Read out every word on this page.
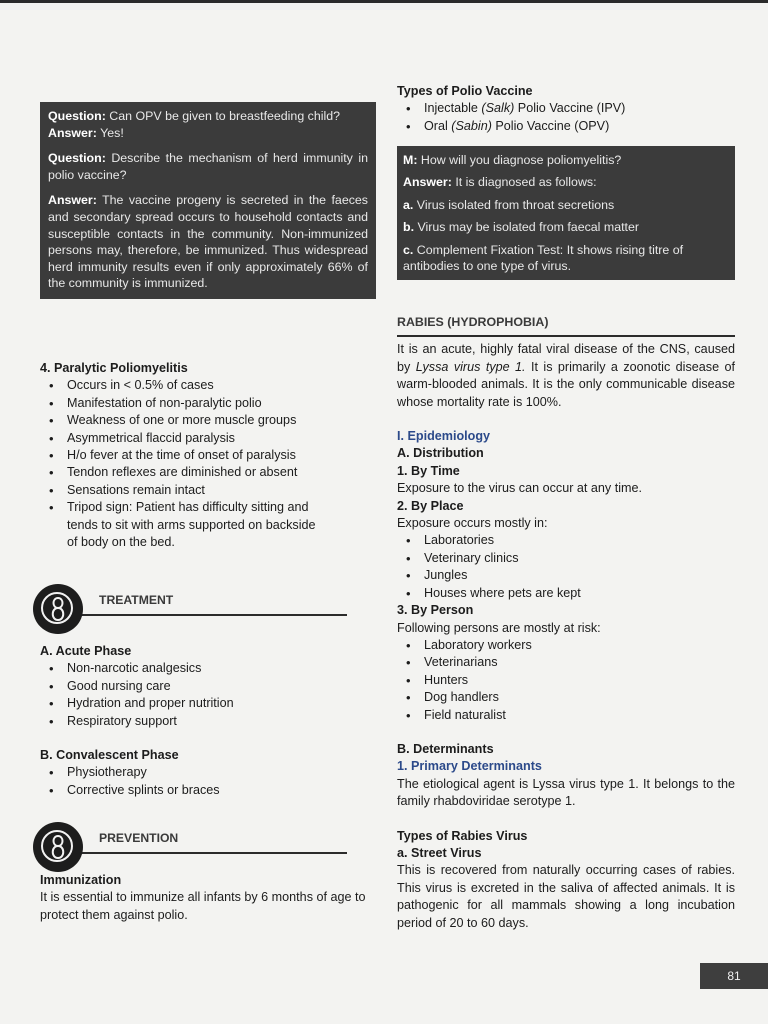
Question: Can OPV be given to breastfeeding child?
Answer: Yes!

Question: Describe the mechanism of herd immunity in polio vaccine?

Answer: The vaccine progeny is secreted in the faeces and secondary spread occurs to household contacts and susceptible contacts in the community. Non-immunized persons may, therefore, be immunized. Thus widespread herd immunity results even if only approximately 66% of the community is immunized.

4. Paralytic Poliomyelitis
• Occurs in < 0.5% of cases
• Manifestation of non-paralytic polio
• Weakness of one or more muscle groups
• Asymmetrical flaccid paralysis
• H/o fever at the time of onset of paralysis
• Tendon reflexes are diminished or absent
• Sensations remain intact
• Tripod sign: Patient has difficulty sitting and tends to sit with arms supported on backside of body on the bed.
TREATMENT
A. Acute Phase
• Non-narcotic analgesics
• Good nursing care
• Hydration and proper nutrition
• Respiratory support
B. Convalescent Phase
• Physiotherapy
• Corrective splints or braces
PREVENTION
Immunization

It is essential to immunize all infants by 6 months of age to protect them against polio.

Types of Polio Vaccine
• Injectable (Salk) Polio Vaccine (IPV)
• Oral (Sabin) Polio Vaccine (OPV)

M: How will you diagnose poliomyelitis?

Answer: It is diagnosed as follows:

a. Virus isolated from throat secretions

b. Virus may be isolated from faecal matter

c. Complement Fixation Test: It shows rising titre of antibodies to one type of virus.

RABIES (HYDROPHOBIA)

It is an acute, highly fatal viral disease of the CNS, caused by Lyssa virus type 1. It is primarily a zoonotic disease of warm-blooded animals. It is the only communicable disease whose mortality rate is 100%.

I. Epidemiology
A. Distribution
1. By Time

Exposure to the virus can occur at any time.

2. By Place

Exposure occurs mostly in:

• Laboratories
• Veterinary clinics
• Jungles
• Houses where pets are kept
3. By Person

Following persons are mostly at risk:

• Laboratory workers
• Veterinarians
• Hunters
• Dog handlers
• Field naturalist
B. Determinants
1. Primary Determinants

The etiological agent is Lyssa virus type 1. It belongs to the family rhabdoviridae serotype 1.

Types of Rabies Virus
a. Street Virus

This is recovered from naturally occurring cases of rabies. This virus is excreted in the saliva of affected animals. It is pathogenic for all mammals showing a long incubation period of 20 to 60 days.

81
